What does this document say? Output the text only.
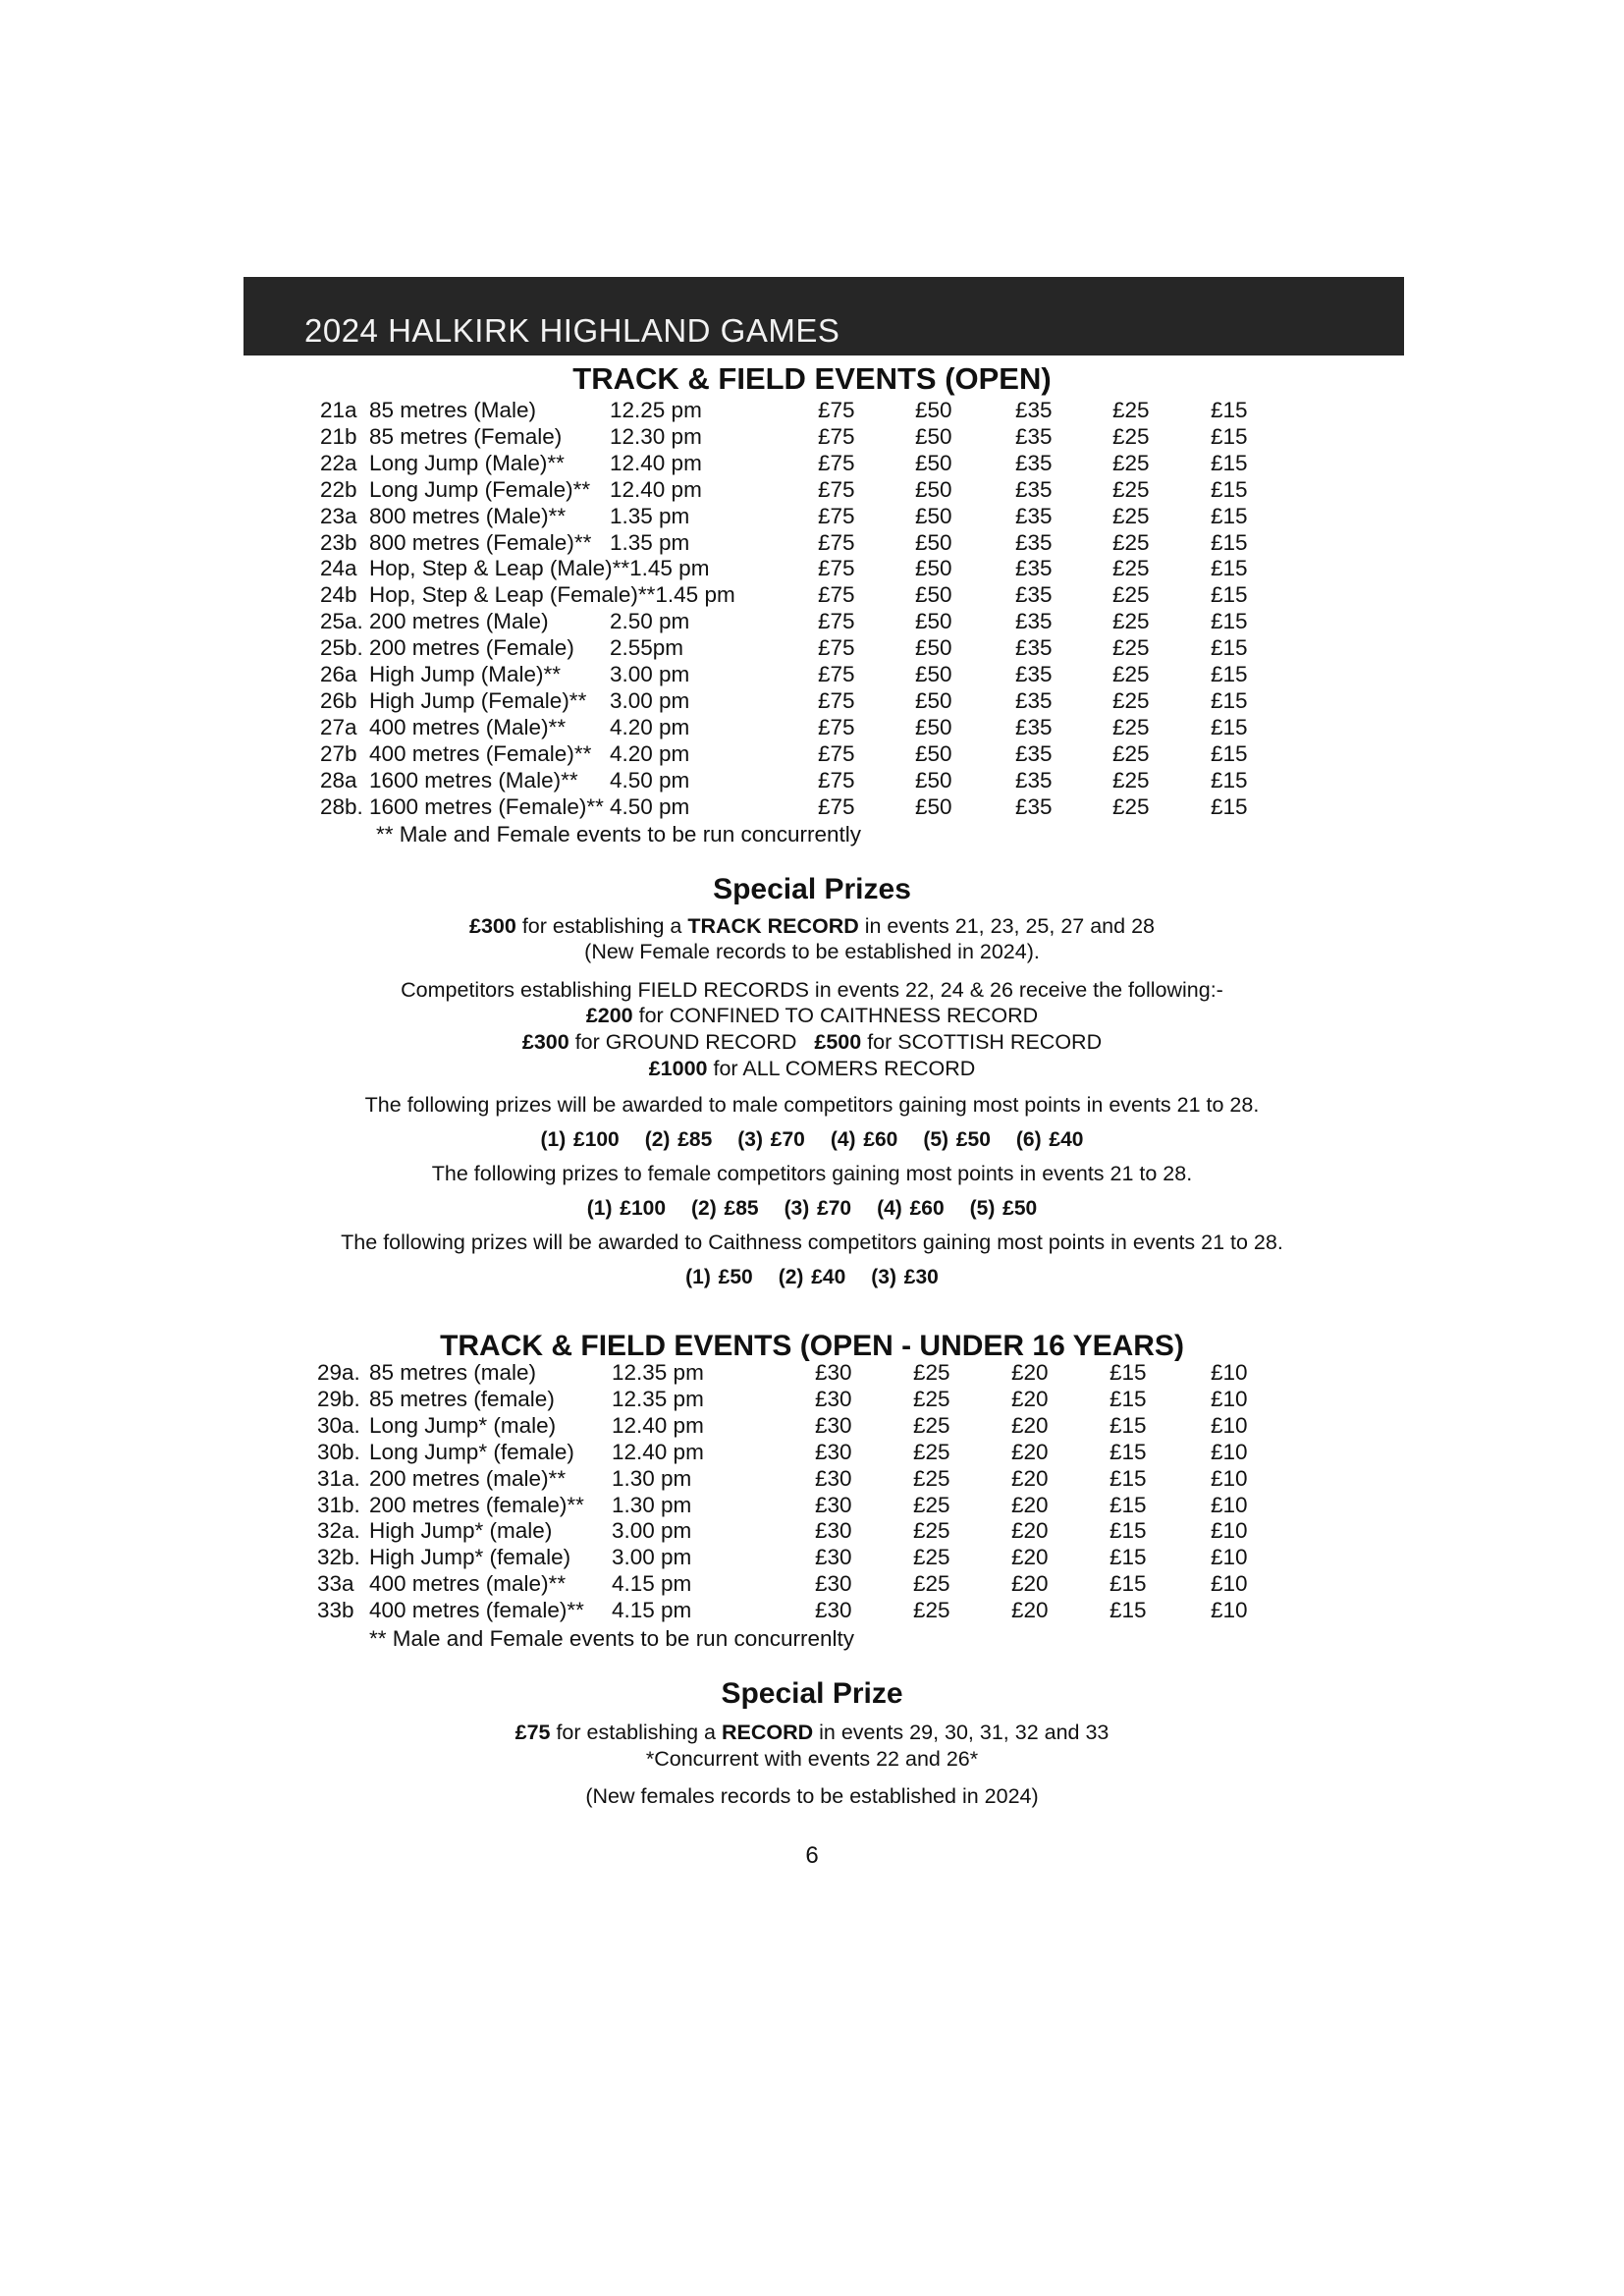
2024 HALKIRK HIGHLAND GAMES
TRACK & FIELD EVENTS (OPEN)
21a 85 metres (Male)	12.25 pm	£75	£50	£35	£25	£15
21b 85 metres (Female) 12.30 pm	£75	£50	£35	£25	£15
22a Long Jump (Male)** 12.40 pm	£75	£50	£35	£25	£15
22b Long Jump (Female)** 12.40 pm	£75	£50	£35	£25	£15
23a 800 metres (Male)** 1.35 pm	£75	£50	£35	£25	£15
23b 800 metres (Female)** 1.35 pm	£75	£50	£35	£25	£15
24a Hop, Step & Leap (Male)**1.45 pm	£75	£50	£35	£25	£15
24b Hop, Step & Leap (Female)**1.45 pm	£75	£50	£35	£25	£15
25a. 200 metres (Male)	2.50 pm	£75	£50	£35	£25	£15
25b. 200 metres (Female) 2.55pm	£75	£50	£35	£25	£15
26a High Jump (Male)** 3.00 pm	£75	£50	£35	£25	£15
26b High Jump (Female)** 3.00 pm	£75	£50	£35	£25	£15
27a 400 metres (Male)** 4.20 pm	£75	£50	£35	£25	£15
27b 400 metres (Female)** 4.20 pm	£75	£50	£35	£25	£15
28a 1600 metres (Male)** 4.50 pm	£75	£50	£35	£25	£15
28b. 1600 metres (Female)** 4.50 pm	£75	£50	£35	£25	£15
** Male and Female events to be run concurrently
Special Prizes
£300 for establishing a TRACK RECORD in events 21, 23, 25, 27 and 28
(New Female records to be established in 2024).
Competitors establishing FIELD RECORDS in events 22, 24 & 26 receive the following:-
£200 for CONFINED TO CAITHNESS RECORD
£300 for GROUND RECORD £500 for SCOTTISH RECORD
£1000 for ALL COMERS RECORD
The following prizes will be awarded to male competitors gaining most points in events 21 to 28.
(1) £100 (2) £85 (3) £70 (4) £60 (5) £50 (6) £40
The following prizes to female competitors gaining most points in events 21 to 28.
(1) £100 (2) £85 (3) £70 (4) £60 (5) £50
The following prizes will be awarded to Caithness competitors gaining most points in events 21 to 28.
(1) £50 (2) £40 (3) £30
TRACK & FIELD EVENTS (OPEN - UNDER 16 YEARS)
29a. 85 metres (male)	12.35 pm	£30	£25	£20	£15	£10
29b. 85 metres (female)	12.35 pm	£30	£25	£20	£15	£10
30a. Long Jump* (male)	12.40 pm	£30	£25	£20	£15	£10
30b. Long Jump* (female) 12.40 pm	£30	£25	£20	£15	£10
31a. 200 metres (male)** 1.30 pm	£30	£25	£20	£15	£10
31b. 200 metres (female)** 1.30 pm	£30	£25	£20	£15	£10
32a. High Jump* (male)	3.00 pm	£30	£25	£20	£15	£10
32b. High Jump* (female) 3.00 pm	£30	£25	£20	£15	£10
33a 400 metres (male)** 4.15 pm	£30	£25	£20	£15	£10
33b 400 metres (female)** 4.15 pm	£30	£25	£20	£15	£10
** Male and Female events to be run concurrenlty
Special Prize
£75 for establishing a RECORD in events 29, 30, 31, 32 and 33
*Concurrent with events 22 and 26*
(New females records to be established in 2024)
6
